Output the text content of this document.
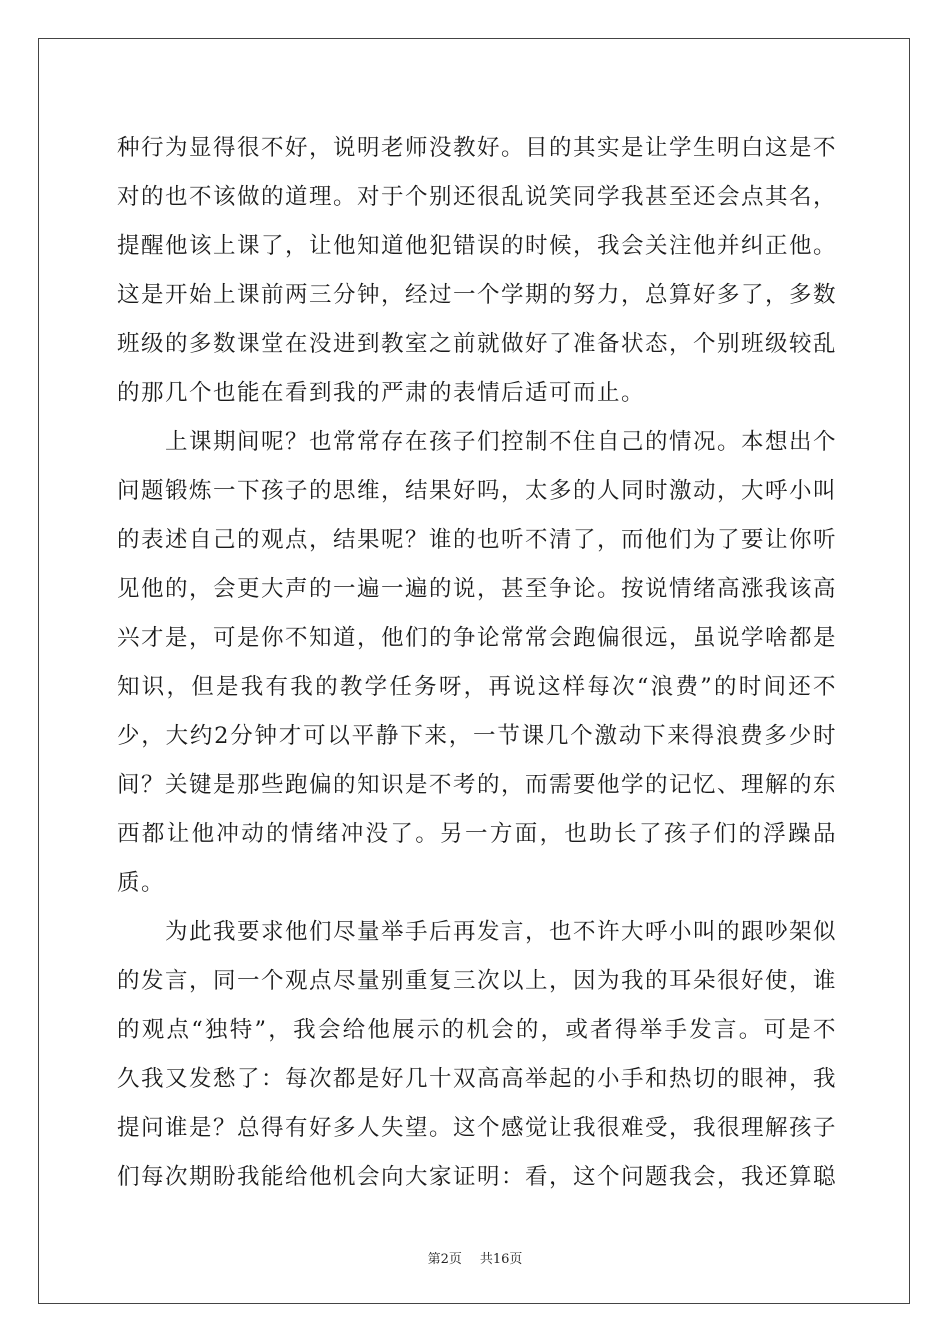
种行为显得很不好，说明老师没教好。目的其实是让学生明白这是不对的也不该做的道理。对于个别还很乱说笑同学我甚至还会点其名，提醒他该上课了，让他知道他犯错误的时候，我会关注他并纠正他。这是开始上课前两三分钟，经过一个学期的努力，总算好多了，多数班级的多数课堂在没进到教室之前就做好了准备状态，个别班级较乱的那几个也能在看到我的严肃的表情后适可而止。

上课期间呢？也常常存在孩子们控制不住自己的情况。本想出个问题锻炼一下孩子的思维，结果好吗，太多的人同时激动，大呼小叫的表述自己的观点，结果呢？谁的也听不清了，而他们为了要让你听见他的，会更大声的一遍一遍的说，甚至争论。按说情绪高涨我该高兴才是，可是你不知道，他们的争论常常会跑偏很远，虽说学啥都是知识，但是我有我的教学任务呀，再说这样每次“浪费”的时间还不少，大约2分钟才可以平静下来，一节课几个激动下来得浪费多少时间？关键是那些跑偏的知识是不考的，而需要他学的记忆、理解的东西都让他冲动的情绪冲没了。另一方面，也助长了孩子们的浮躁品质。

为此我要求他们尽量举手后再发言，也不许大呼小叫的跟吵架似的发言，同一个观点尽量别重复三次以上，因为我的耳朵很好使，谁的观点“独特”，我会给他展示的机会的，或者得举手发言。可是不久我又发愁了：每次都是好几十双高高举起的小手和热切的眼神，我提问谁是？总得有好多人失望。这个感觉让我很难受，我很理解孩子们每次期盼我能给他机会向大家证明：看，这个问题我会，我还算聪

第2页 共16页
